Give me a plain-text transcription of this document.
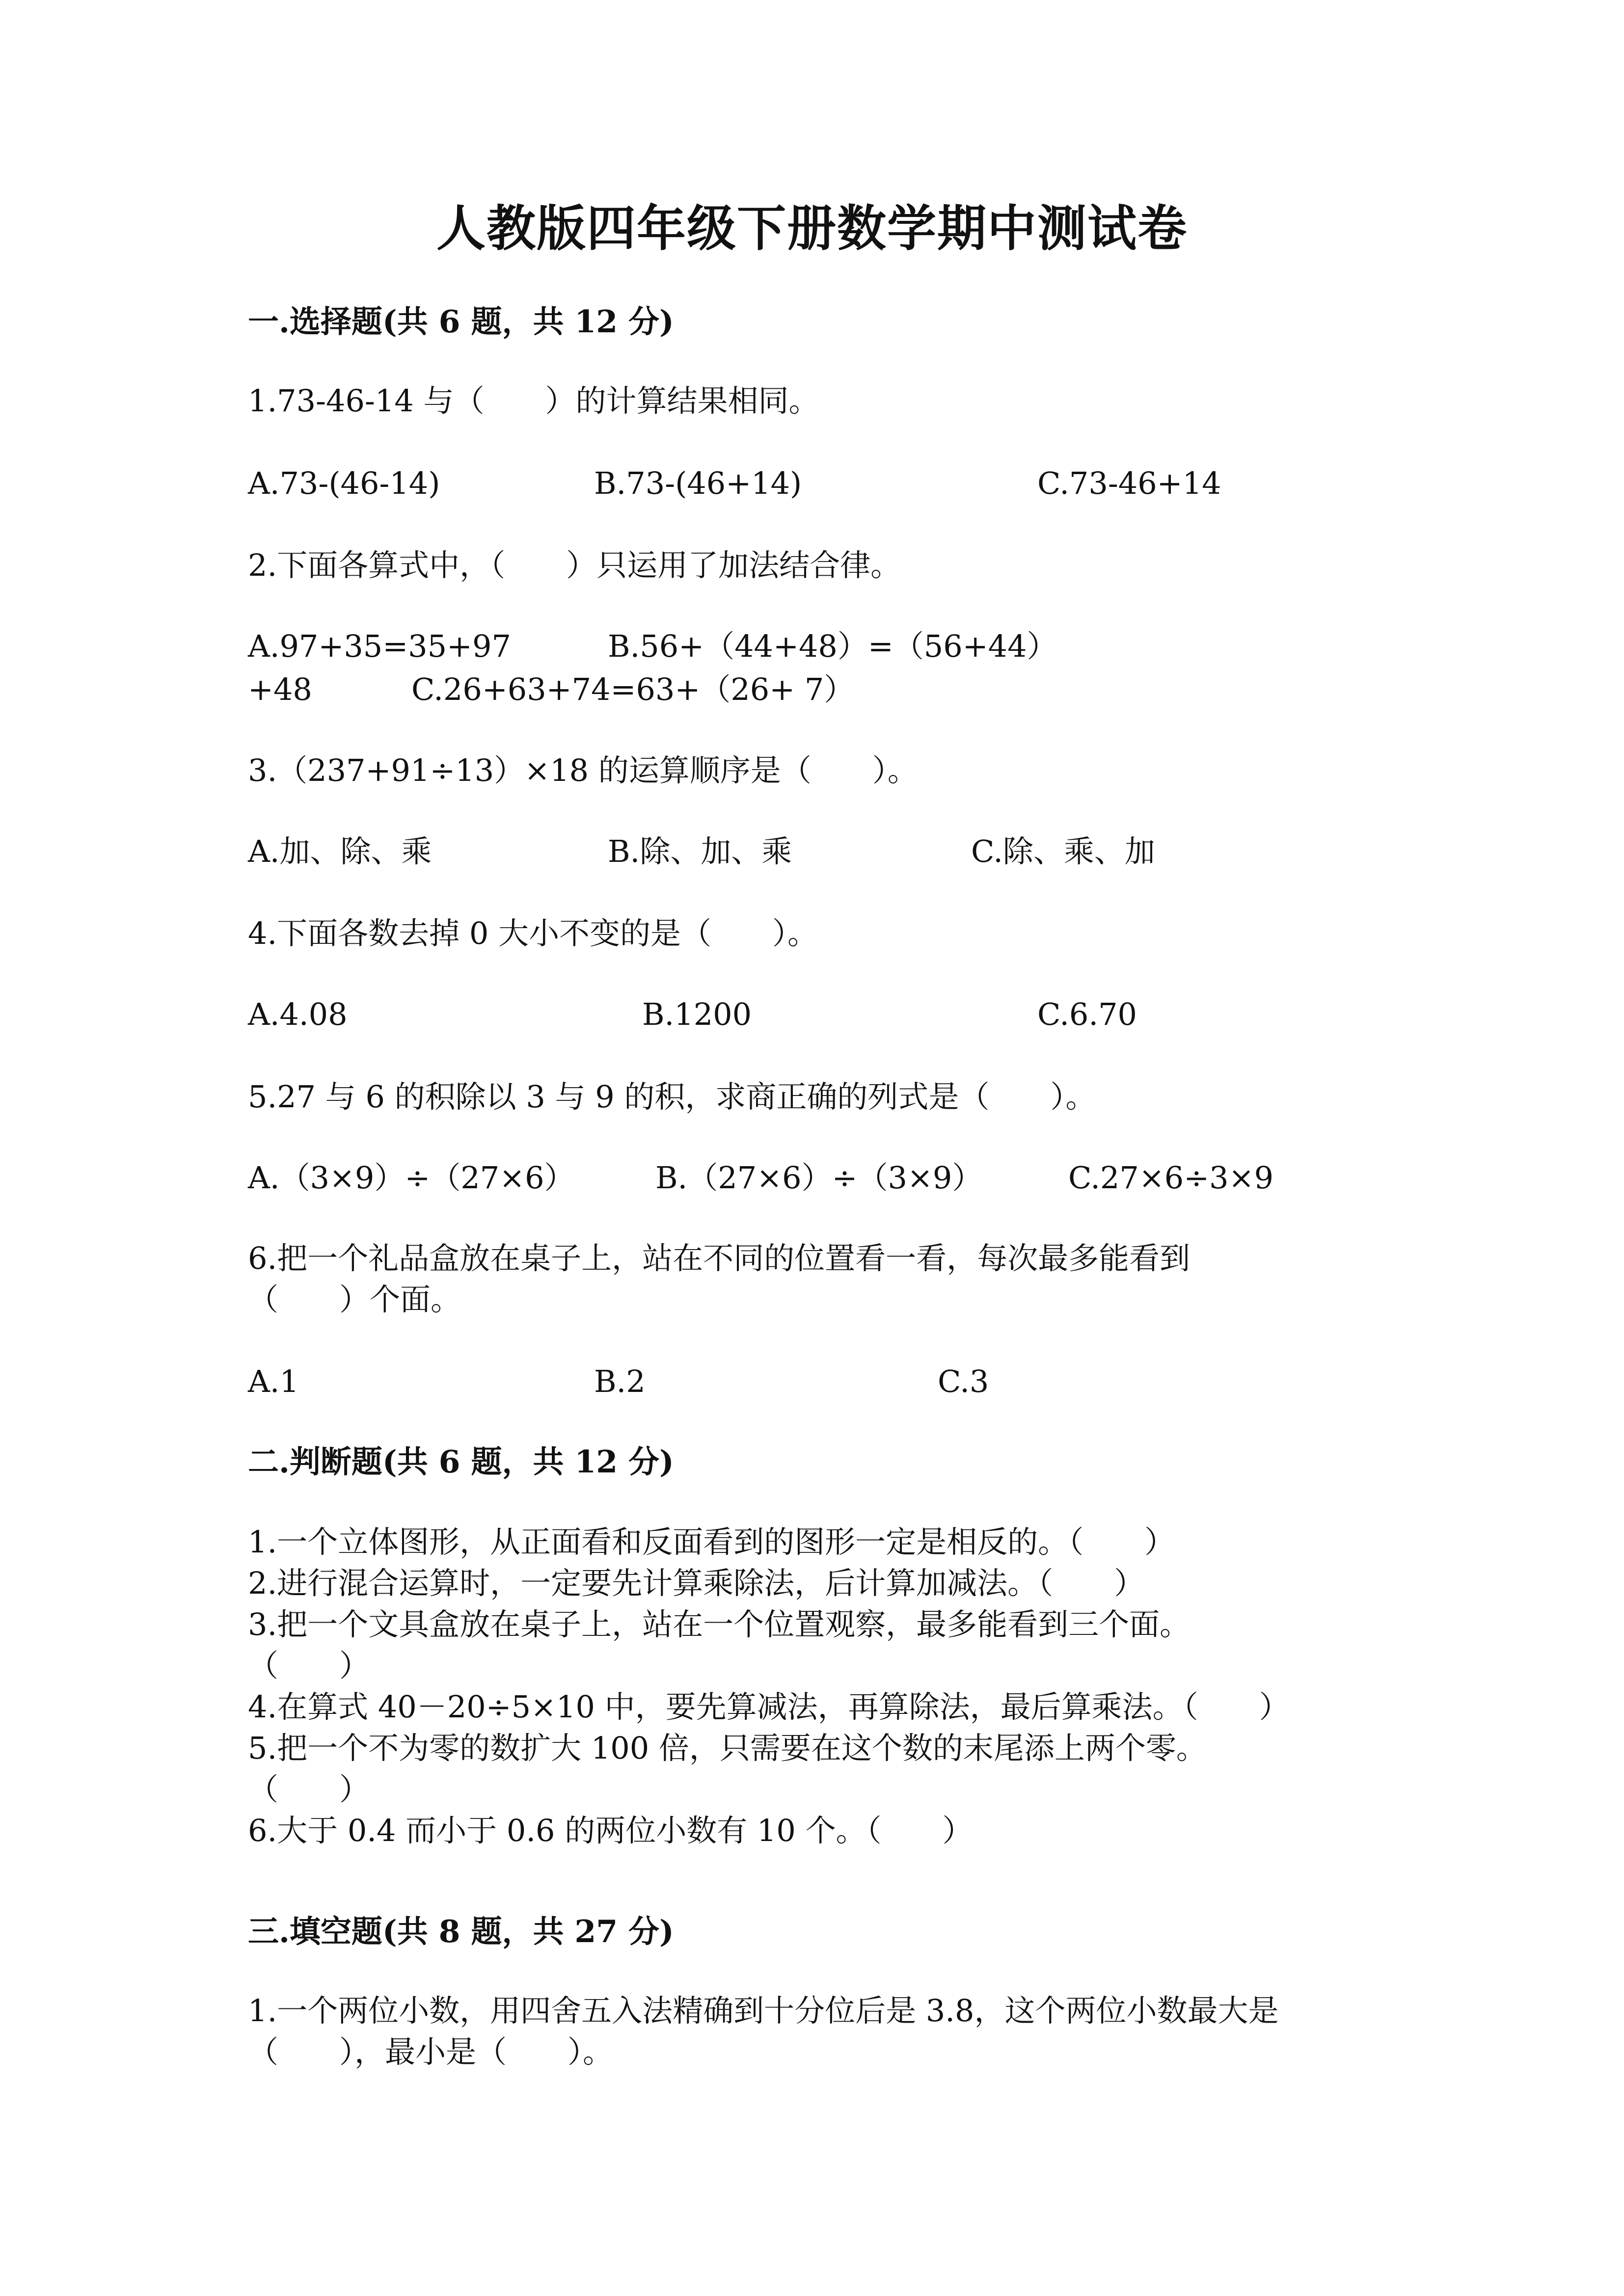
人教版四年级下册数学期中测试卷
一.选择题(共 6 题，共 12 分)
1.73-46-14 与（　　）的计算结果相同。
A.73-(46-14)	B.73-(46+14)	C.73-46+14
2.下面各算式中，（　　）只运用了加法结合律。
A.97+35=35+97	B.56+（44+48）=（56+44）
+48	C.26+63+74=63+（26+ 7）
3.（237+91÷13）×18 的运算顺序是（　　）。
A.加、除、乘	B.除、加、乘	C.除、乘、加
4.下面各数去掉 0 大小不变的是（　　）。
A.4.08	B.1200	C.6.70
5.27 与 6 的积除以 3 与 9 的积，求商正确的列式是（　　）。
A.（3×9）÷（27×6）	B.（27×6）÷（3×9）	C.27×6÷3×9
6.把一个礼品盒放在桌子上，站在不同的位置看一看，每次最多能看到
（　　）个面。
A.1	B.2	C.3
二.判断题(共 6 题，共 12 分)
1.一个立体图形，从正面看和反面看到的图形一定是相反的。（　　）
2.进行混合运算时，一定要先计算乘除法，后计算加减法。（　　）
3.把一个文具盒放在桌子上，站在一个位置观察，最多能看到三个面。
（　　）
4.在算式 40－20÷5×10 中，要先算减法，再算除法，最后算乘法。（　　）
5.把一个不为零的数扩大 100 倍，只需要在这个数的末尾添上两个零。
（　　）
6.大于 0.4 而小于 0.6 的两位小数有 10 个。（　　）
三.填空题(共 8 题，共 27 分)
1.一个两位小数，用四舍五入法精确到十分位后是 3.8，这个两位小数最大是
（　　），最小是（　　）。
